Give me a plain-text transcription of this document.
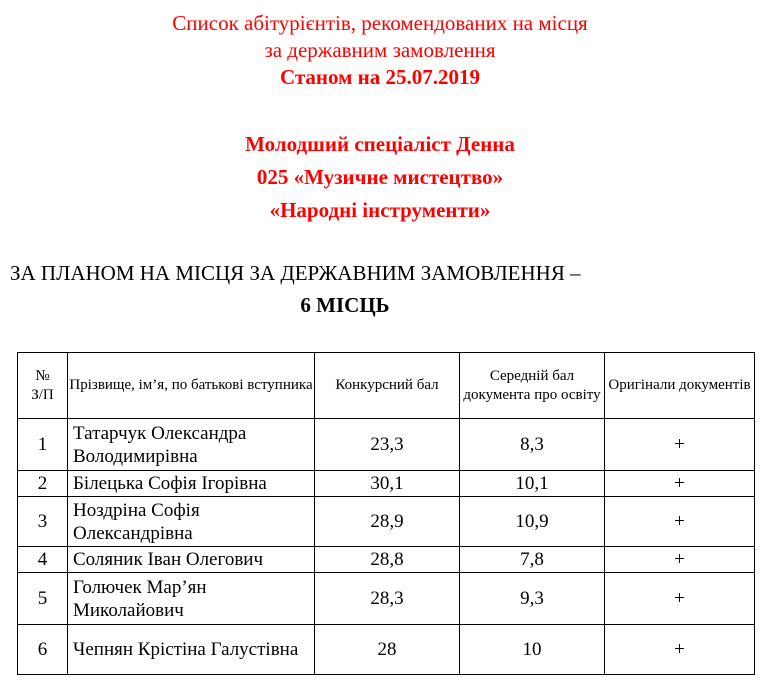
Список абітурієнтів, рекомендованих на місця
за державним замовлення
Станом на 25.07.2019
Молодший спеціаліст Денна
025 «Музичне мистецтво»
«Народні інструменти»
ЗА ПЛАНОМ НА МІСЦЯ ЗА ДЕРЖАВНИМ ЗАМОВЛЕННЯ –
6 МІСЦЬ
№
З/П	Прізвище, ім’я, по батькові вступника	Конкурсний бал	Середній бал документа про освіту	Оригінали документів
1	Татарчук Олександра Володимирівна	23,3	8,3	+
2	Білецька Софія Ігорівна	30,1	10,1	+
3	Ноздріна Софія Олександрівна	28,9	10,9	+
4	Соляник Іван Олегович	28,8	7,8	+
5	Голючек Мар’ян Миколайович	28,3	9,3	+
6	Чепнян Крістіна Галустівна	28	10	+
